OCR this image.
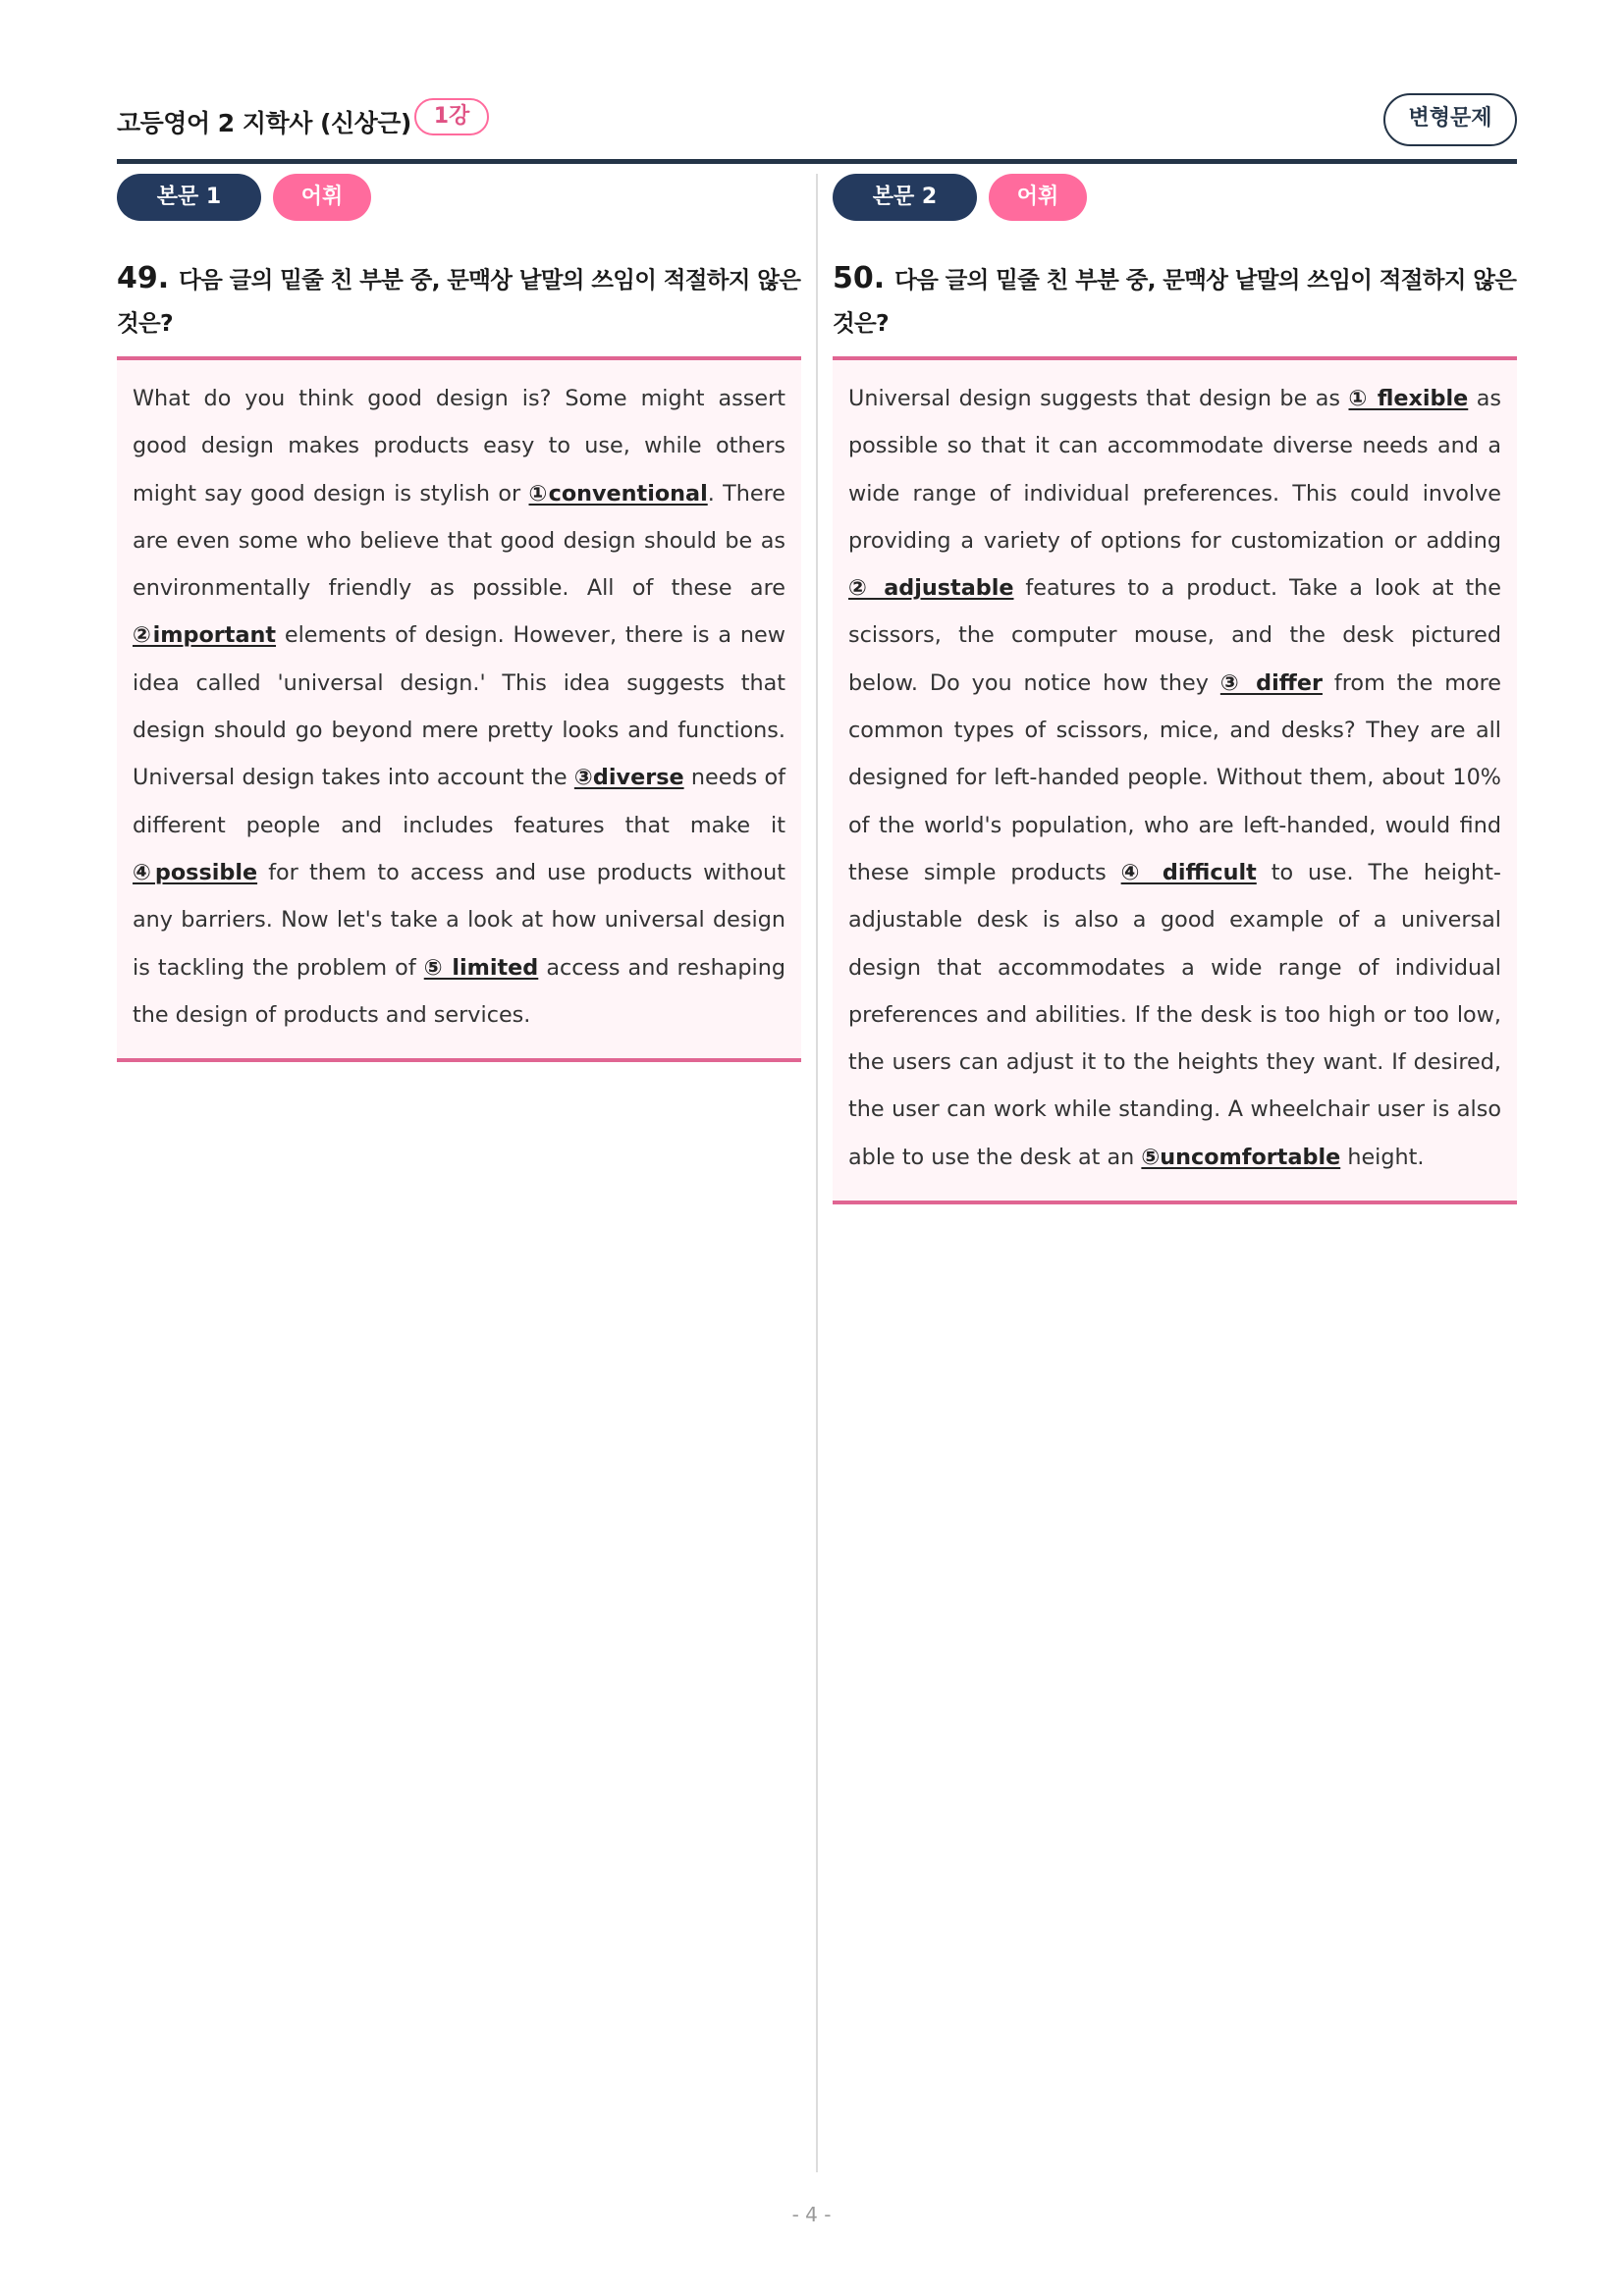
고등영어 2 지학사 (신상근)	1강	변형문제
본문 1	어휘
49. 다음 글의 밑줄 친 부분 중, 문맥상 낱말의 쓰임이 적절하지 않은 것은?
What do you think good design is? Some might assert good design makes products easy to use, while others might say good design is stylish or ①conventional. There are even some who believe that good design should be as environmentally friendly as possible. All of these are ②important elements of design. However, there is a new idea called 'universal design.' This idea suggests that design should go beyond mere pretty looks and functions. Universal design takes into account the ③diverse needs of different people and includes features that make it ④possible for them to access and use products without any barriers. Now let's take a look at how universal design is tackling the problem of ⑤ limited access and reshaping the design of products and services.
본문 2	어휘
50. 다음 글의 밑줄 친 부분 중, 문맥상 낱말의 쓰임이 적절하지 않은 것은?
Universal design suggests that design be as ① flexible as possible so that it can accommodate diverse needs and a wide range of individual preferences. This could involve providing a variety of options for customization or adding ② adjustable features to a product. Take a look at the scissors, the computer mouse, and the desk pictured below. Do you notice how they ③ differ from the more common types of scissors, mice, and desks? They are all designed for left-handed people. Without them, about 10% of the world's population, who are left-handed, would find these simple products ④ difficult to use. The height-adjustable desk is also a good example of a universal design that accommodates a wide range of individual preferences and abilities. If the desk is too high or too low, the users can adjust it to the heights they want. If desired, the user can work while standing. A wheelchair user is also able to use the desk at an ⑤uncomfortable height.
- 4 -
